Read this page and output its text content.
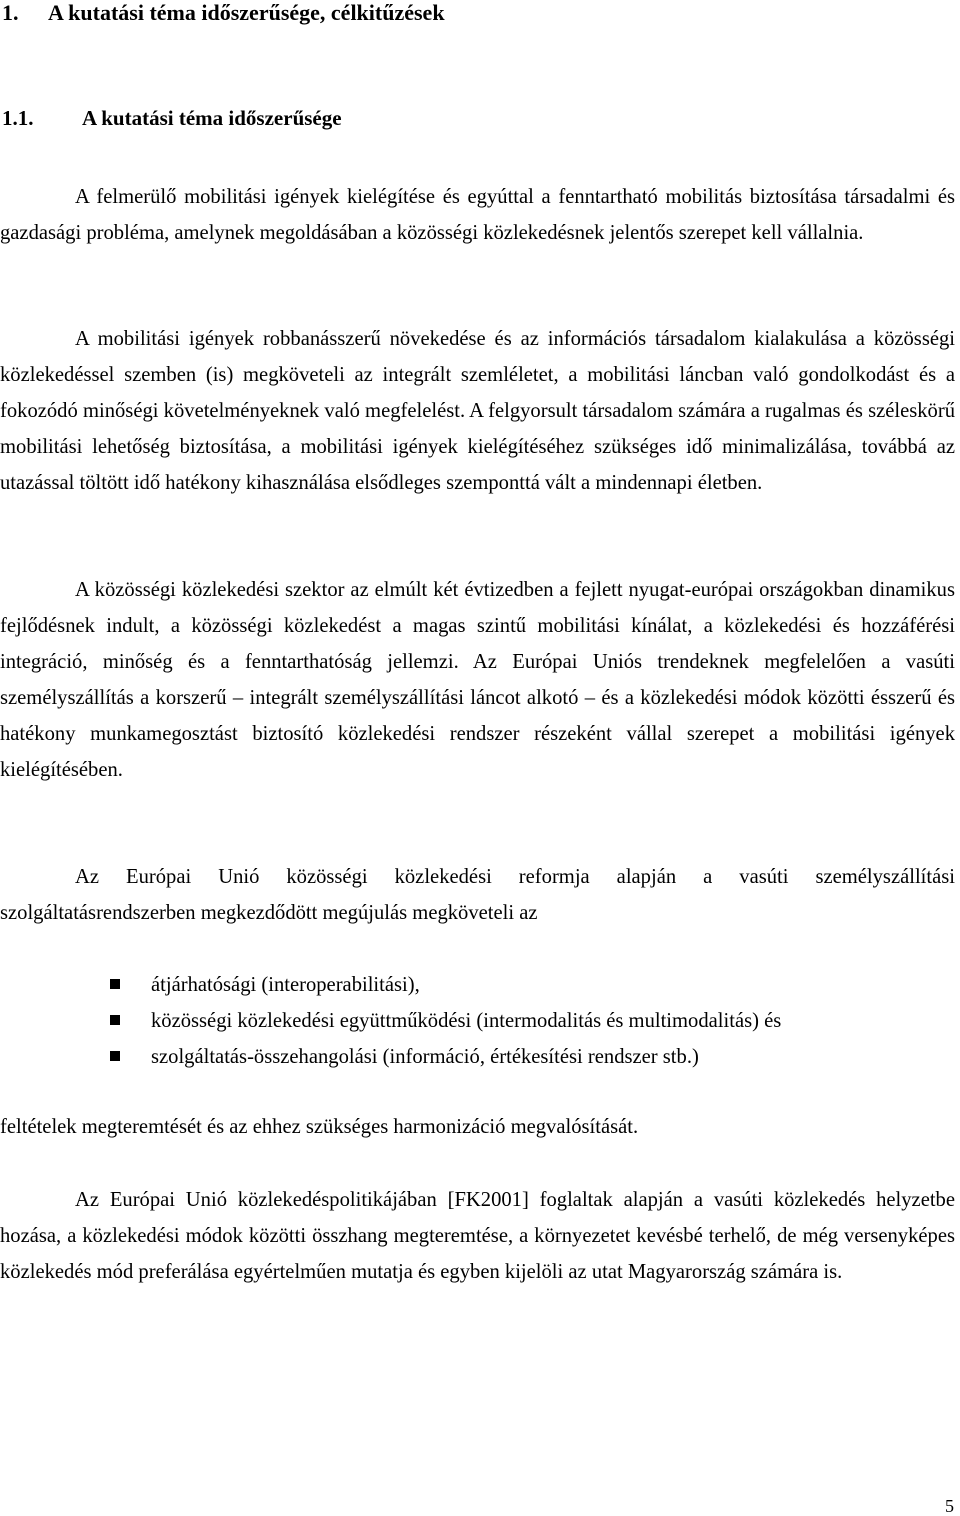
1. A kutatási téma időszerűsége, célkitűzések
1.1. A kutatási téma időszerűsége

A felmerülő mobilitási igények kielégítése és egyúttal a fenntartható mobilitás biztosítása társadalmi és gazdasági probléma, amelynek megoldásában a közösségi közlekedésnek jelentős szerepet kell vállalnia.

A mobilitási igények robbanásszerű növekedése és az információs társadalom kialakulása a közösségi közlekedéssel szemben (is) megköveteli az integrált szemléletet, a mobilitási láncban való gondolkodást és a fokozódó minőségi követelményeknek való megfelelést. A felgyorsult társadalom számára a rugalmas és széleskörű mobilitási lehetőség biztosítása, a mobilitási igények kielégítéséhez szükséges idő minimalizálása, továbbá az utazással töltött idő hatékony kihasználása elsődleges szemponttá vált a mindennapi életben.

A közösségi közlekedési szektor az elmúlt két évtizedben a fejlett nyugat-európai országokban dinamikus fejlődésnek indult, a közösségi közlekedést a magas szintű mobilitási kínálat, a közlekedési és hozzáférési integráció, minőség és a fenntarthatóság jellemzi. Az Európai Uniós trendeknek megfelelően a vasúti személyszállítás a korszerű – integrált személyszállítási láncot alkotó – és a közlekedési módok közötti ésszerű és hatékony munkamegosztást biztosító közlekedési rendszer részeként vállal szerepet a mobilitási igények kielégítésében.

Az Európai Unió közösségi közlekedési reformja alapján a vasúti személyszállítási szolgáltatásrendszerben megkezdődött megújulás megköveteli az

átjárhatósági (interoperabilitási),
közösségi közlekedési együttműködési (intermodalitás és multimodalitás) és
szolgáltatás-összehangolási (információ, értékesítési rendszer stb.)

feltételek megteremtését és az ehhez szükséges harmonizáció megvalósítását.

Az Európai Unió közlekedéspolitikájában [FK2001] foglaltak alapján a vasúti közlekedés helyzetbe hozása, a közlekedési módok közötti összhang megteremtése, a környezetet kevésbé terhelő, de még versenyképes közlekedés mód preferálása egyértelműen mutatja és egyben kijelöli az utat Magyarország számára is.

5
